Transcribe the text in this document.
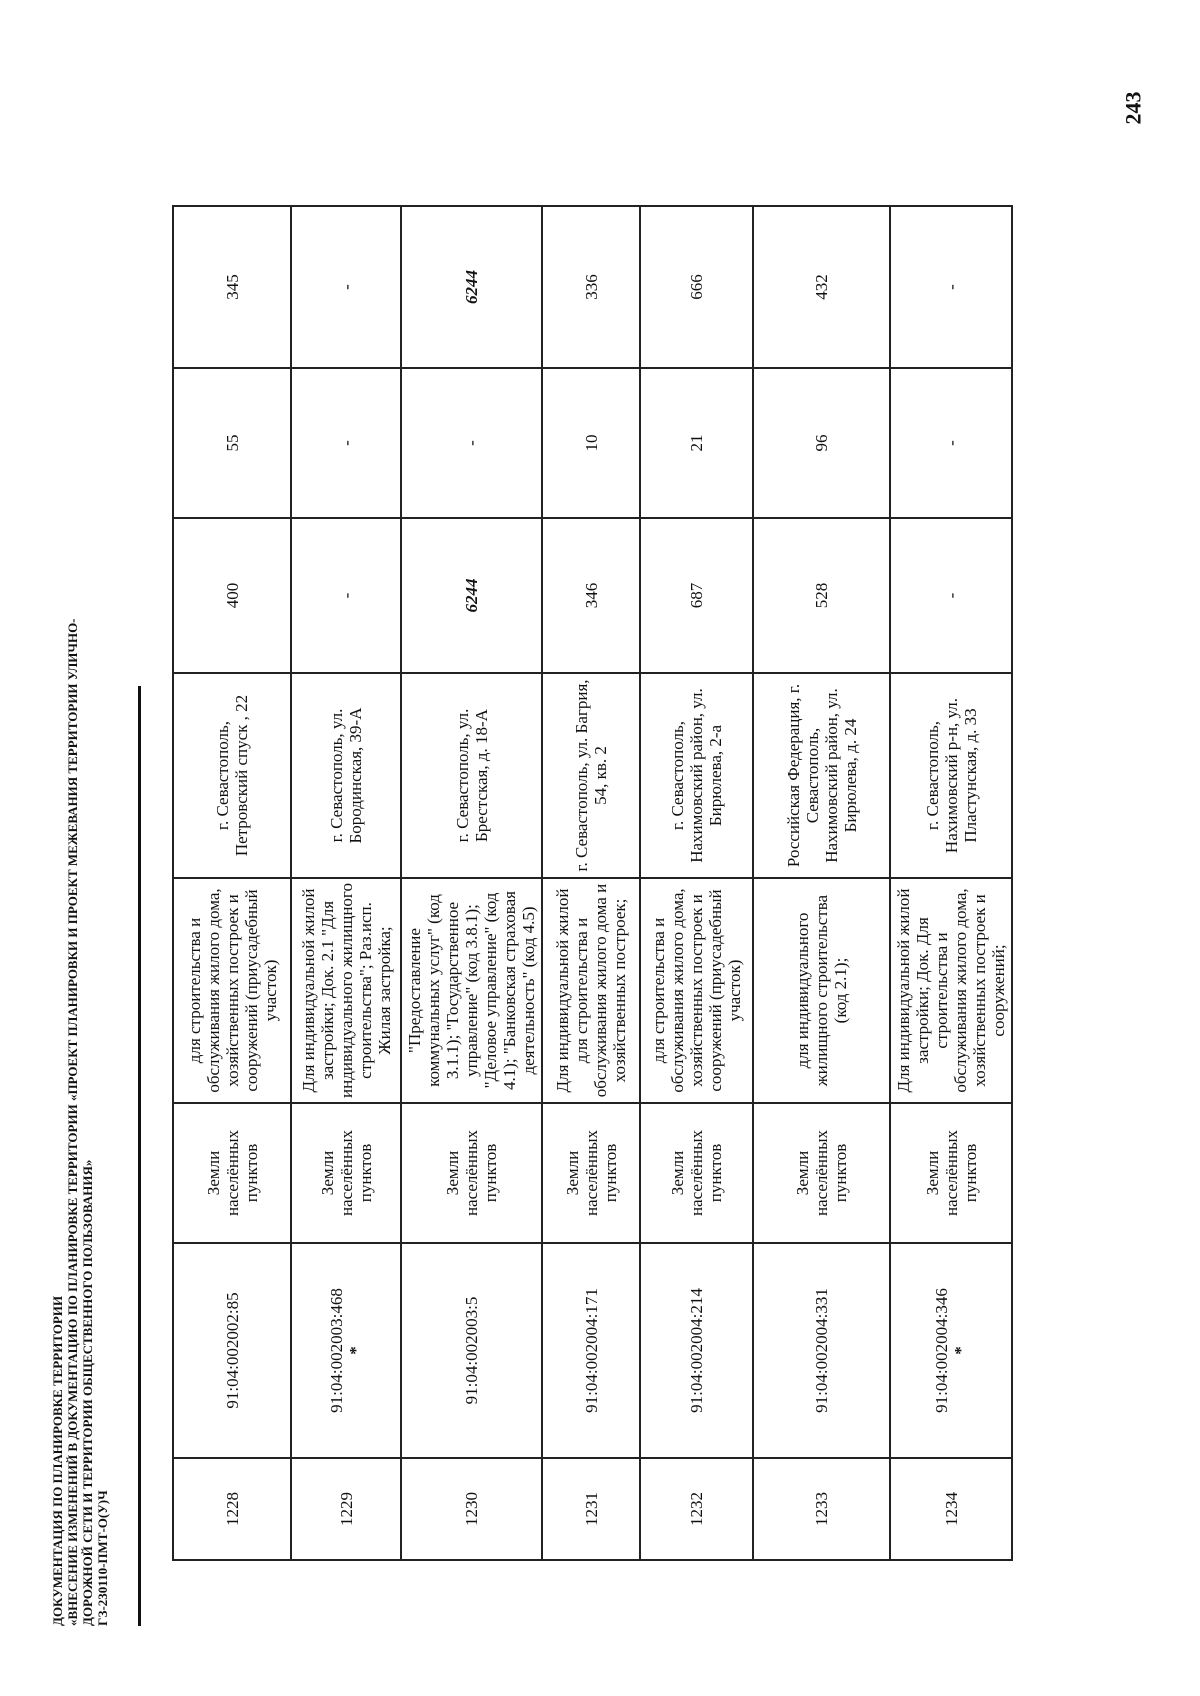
243
ДОКУМЕНТАЦИЯ ПО ПЛАНИРОВКЕ ТЕРРИТОРИИ «ВНЕСЕНИЕ ИЗМЕНЕНИЙ В ДОКУМЕНТАЦИЮ ПО ПЛАНИРОВКЕ ТЕРРИТОРИИ «ПРОЕКТ ПЛАНИРОВКИ И ПРОЕКТ МЕЖЕВАНИЯ ТЕРРИТОРИИ УЛИЧНО- ДОРОЖНОЙ СЕТИ И ТЕРРИТОРИИ ОБЩЕСТВЕННОГО ПОЛЬЗОВАНИЯ» ГЗ-230110-ПМТ-О(У)Ч	1228	91:04:002002:85	Земли населённых пунктов	для строительства и обслуживания жилого дома, хозяйственных построек и сооружений (приусадебный участок)	г. Севастополь, Петровский спуск , 22	400	55	345
1229	91:04:002003:468 *	Земли населённых пунктов	Для индивидуальной жилой застройки; Док. 2.1 "Для индивидуального жилищного строительства"; Раз.исп. Жилая застройка;	г. Севастополь, ул. Бородинская, 39-А	-	-	-
1230	91:04:002003:5	Земли населённых пунктов	"Предоставление коммунальных услуг" (код 3.1.1); "Государственное управление" (код 3.8.1); "Деловое управление" (код 4.1); "Банковская страховая деятельность" (код 4.5)	г. Севастополь, ул. Брестская, д. 18-А	6244	-	6244
1231	91:04:002004:171	Земли населённых пунктов	Для индивидуальной жилой для строительства и обслуживания жилого дома и хозяйственных построек;	г. Севастополь, ул. Багрия, 54, кв. 2	346	10	336
1232	91:04:002004:214	Земли населённых пунктов	для строительства и обслуживания жилого дома, хозяйственных построек и сооружений (приусадебный участок)	г. Севастополь, Нахимовский район, ул. Бирюлева, 2-а	687	21	666
1233	91:04:002004:331	Земли населённых пунктов	для индивидуального жилищного строительства (код 2.1);	Российская Федерация, г. Севастополь, Нахимовский район, ул. Бирюлева, д. 24	528	96	432
1234	91:04:002004:346 *	Земли населённых пунктов	Для индивидуальной жилой застройки; Док. Для строительства и обслуживания жилого дома, хозяйственных построек и сооружений;	г. Севастополь, Нахимовский р-н, ул. Пластунская, д. 33	-	-	-
